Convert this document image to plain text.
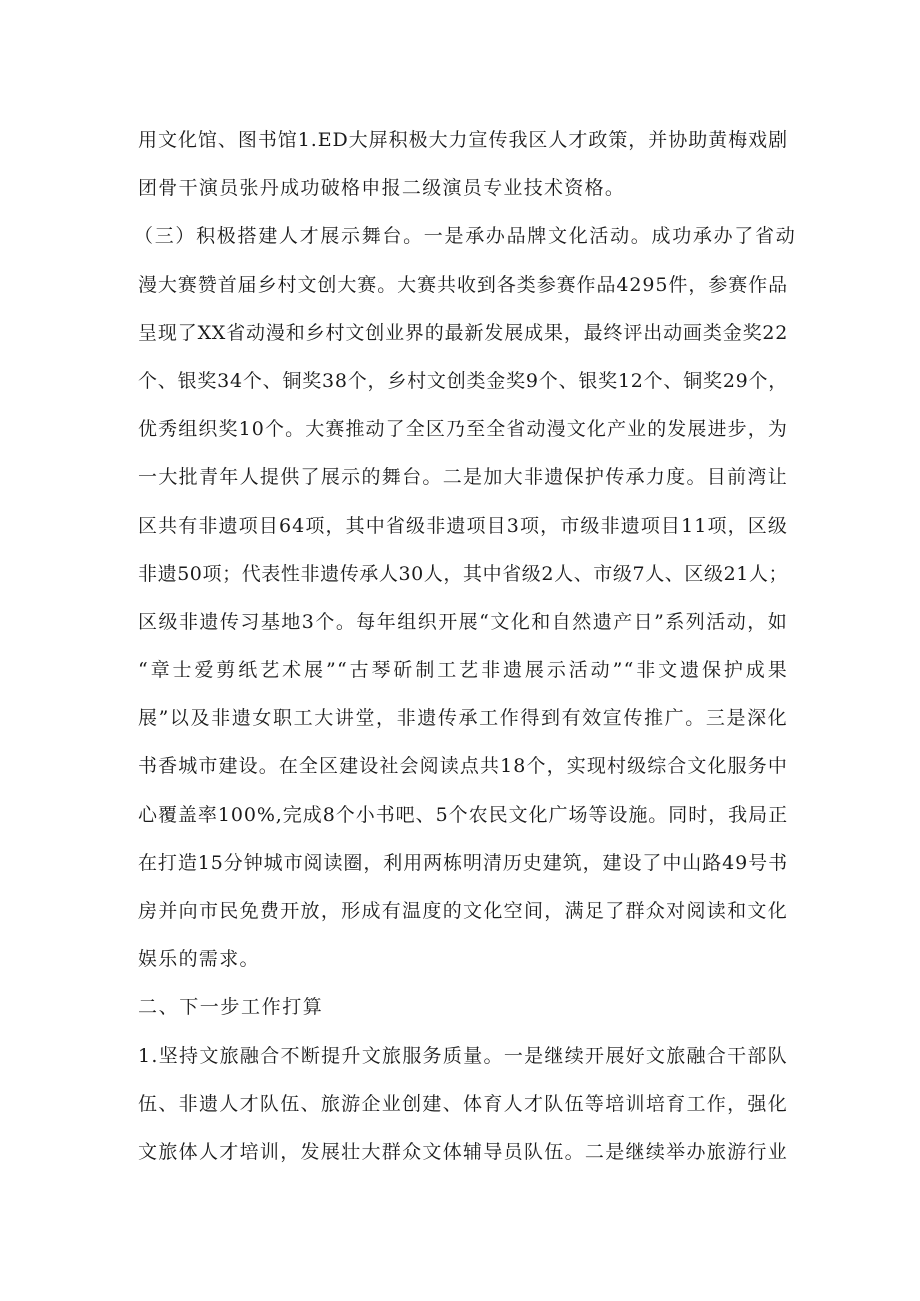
用文化馆、图书馆1.ED大屏积极大力宣传我区人才政策，并协助黄梅戏剧
团骨干演员张丹成功破格申报二级演员专业技术资格。
（三）积极搭建人才展示舞台。一是承办品牌文化活动。成功承办了省动
漫大赛赞首届乡村文创大赛。大赛共收到各类参赛作品4295件，参赛作品
呈现了XX省动漫和乡村文创业界的最新发展成果，最终评出动画类金奖22
个、银奖34个、铜奖38个，乡村文创类金奖9个、银奖12个、铜奖29个，
优秀组织奖10个。大赛推动了全区乃至全省动漫文化产业的发展进步，为
一大批青年人提供了展示的舞台。二是加大非遗保护传承力度。目前湾让
区共有非遗项目64项，其中省级非遗项目3项，市级非遗项目11项，区级
非遗50项；代表性非遗传承人30人，其中省级2人、市级7人、区级21人；
区级非遗传习基地3个。每年组织开展“文化和自然遗产日”系列活动，如
“章士爱剪纸艺术展”“古琴斫制工艺非遗展示活动”“非文遗保护成果
展”以及非遗女职工大讲堂，非遗传承工作得到有效宣传推广。三是深化
书香城市建设。在全区建设社会阅读点共18个，实现村级综合文化服务中
心覆盖率100%,完成8个小书吧、5个农民文化广场等设施。同时，我局正
在打造15分钟城市阅读圈，利用两栋明清历史建筑，建设了中山路49号书
房并向市民免费开放，形成有温度的文化空间，满足了群众对阅读和文化
娱乐的需求。
二、下一步工作打算
1.坚持文旅融合不断提升文旅服务质量。一是继续开展好文旅融合干部队
伍、非遗人才队伍、旅游企业创建、体育人才队伍等培训培育工作，强化
文旅体人才培训，发展壮大群众文体辅导员队伍。二是继续举办旅游行业
